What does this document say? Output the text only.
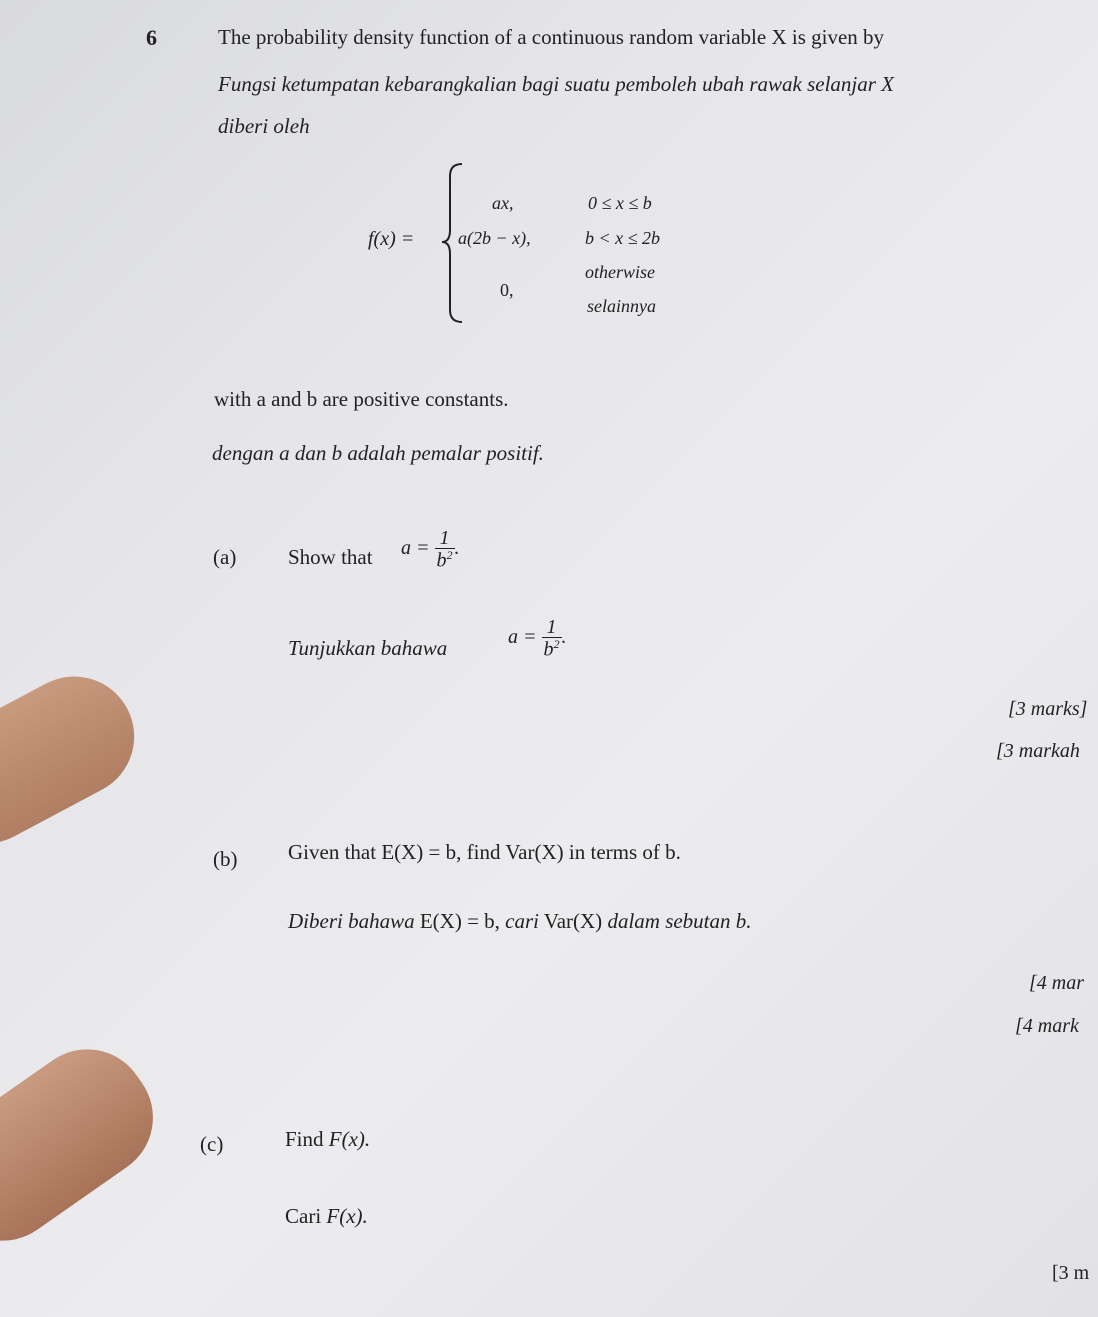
6	The probability density function of a continuous random variable X is given by
Fungsi ketumpatan kebarangkalian bagi suatu pemboleh ubah rawak selanjar X
diberi oleh
f(x) =
ax,	0 ≤ x ≤ b
a(2b − x),	b < x ≤ 2b
0,
otherwise
selainnya
with a and b are positive constants.
dengan a dan b adalah pemalar positif.
(a) Show that $a = \frac{1}{b^2}$ .
Tunjukkan bahawa	$a = \frac{1}{b^2}$ .
[3 marks]
[3 markah
(b) Given that E(X) = b, find Var(X) in terms of b.
Diberi bahawa E(X) = b, cari Var(X) dalam sebutan b.
[4 mar
[4 mark
(c)	Find F(x).
Cari F(x).
[3 m
